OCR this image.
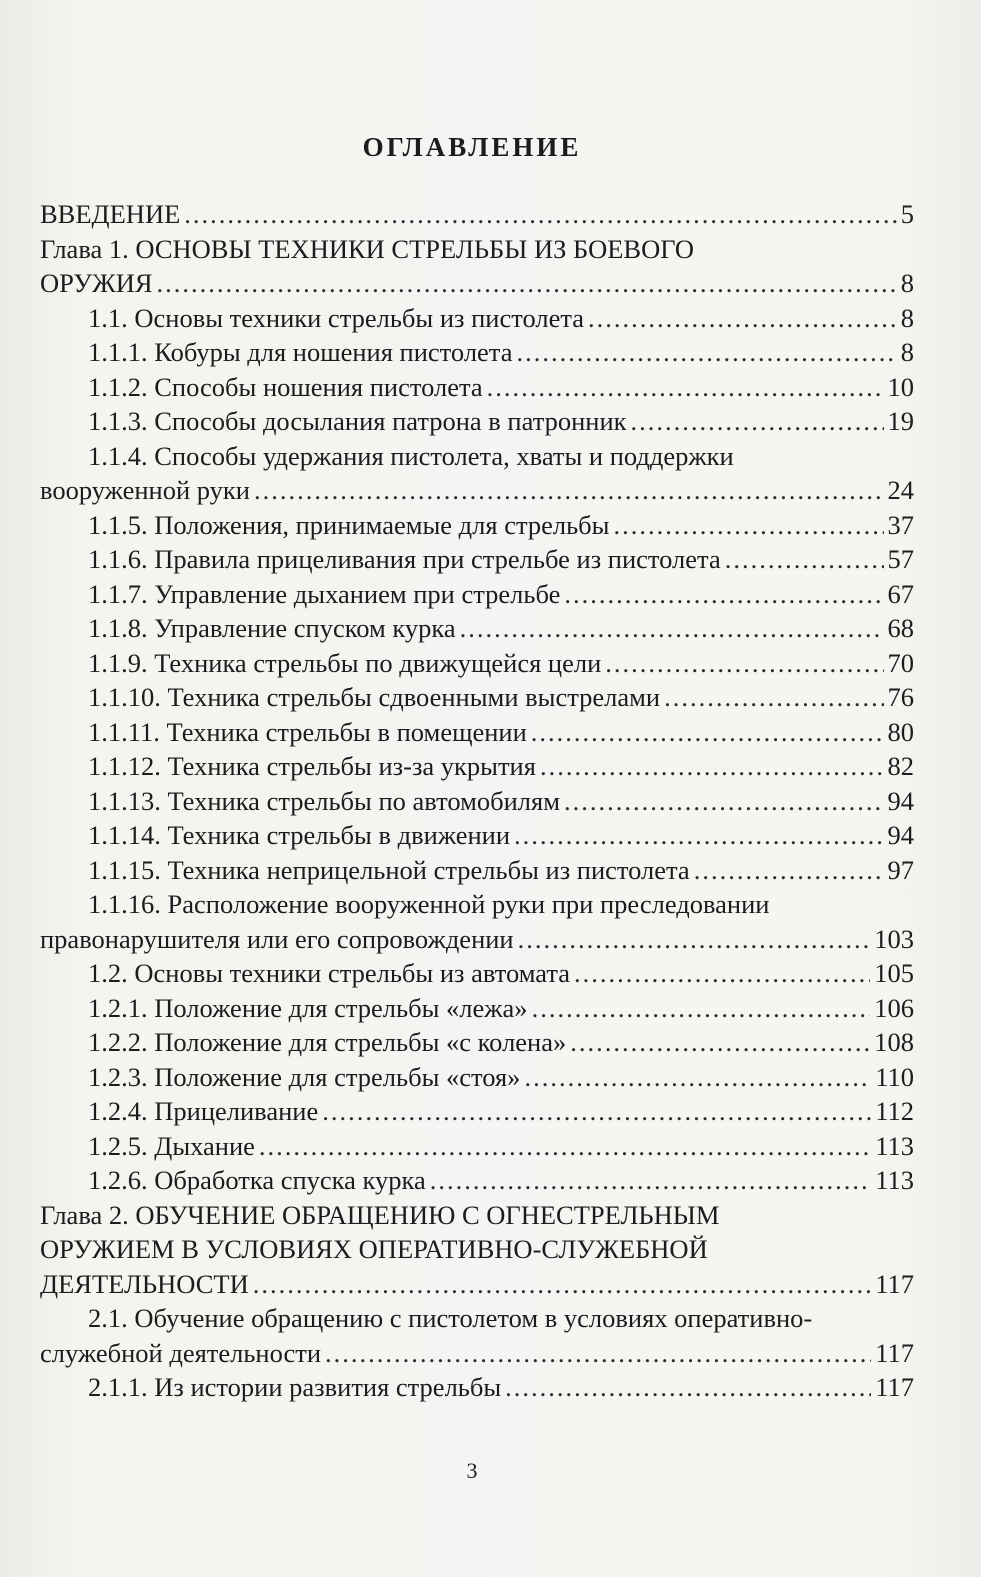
ОГЛАВЛЕНИЕ
ВВЕДЕНИЕ .....	5
Глава 1. ОСНОВЫ ТЕХНИКИ СТРЕЛЬБЫ ИЗ БОЕВОГО
ОРУЖИЯ .....	8
1.1. Основы техники стрельбы из пистолета .....	8
1.1.1. Кобуры для ношения пистолета .....	8
1.1.2. Способы ношения пистолета .....	10
1.1.3. Способы досылания патрона в патронник .....	19
1.1.4. Способы удержания пистолета, хваты и поддержки
вооруженной руки .....	24
1.1.5. Положения, принимаемые для стрельбы .....	37
1.1.6. Правила прицеливания при стрельбе из пистолета .....	57
1.1.7. Управление дыханием при стрельбе .....	67
1.1.8. Управление спуском курка .....	68
1.1.9. Техника стрельбы по движущейся цели .....	70
1.1.10. Техника стрельбы сдвоенными выстрелами .....	76
1.1.11. Техника стрельбы в помещении .....	80
1.1.12. Техника стрельбы из-за укрытия .....	82
1.1.13. Техника стрельбы по автомобилям .....	94
1.1.14. Техника стрельбы в движении .....	94
1.1.15. Техника неприцельной стрельбы из пистолета .....	97
1.1.16. Расположение вооруженной руки при преследовании
правонарушителя или его сопровождении .....	103
1.2. Основы техники стрельбы из автомата .....	105
1.2.1. Положение для стрельбы «лежа» .....	106
1.2.2. Положение для стрельбы «с колена» .....	108
1.2.3. Положение для стрельбы «стоя» .....	110
1.2.4. Прицеливание .....	112
1.2.5. Дыхание .....	113
1.2.6. Обработка спуска курка .....	113
Глава 2. ОБУЧЕНИЕ ОБРАЩЕНИЮ С ОГНЕСТРЕЛЬНЫМ
ОРУЖИЕМ В УСЛОВИЯХ ОПЕРАТИВНО-СЛУЖЕБНОЙ
ДЕЯТЕЛЬНОСТИ .....	117
2.1. Обучение обращению с пистолетом в условиях оперативно-
служебной деятельности .....	117
2.1.1. Из истории развития стрельбы .....	117
3
